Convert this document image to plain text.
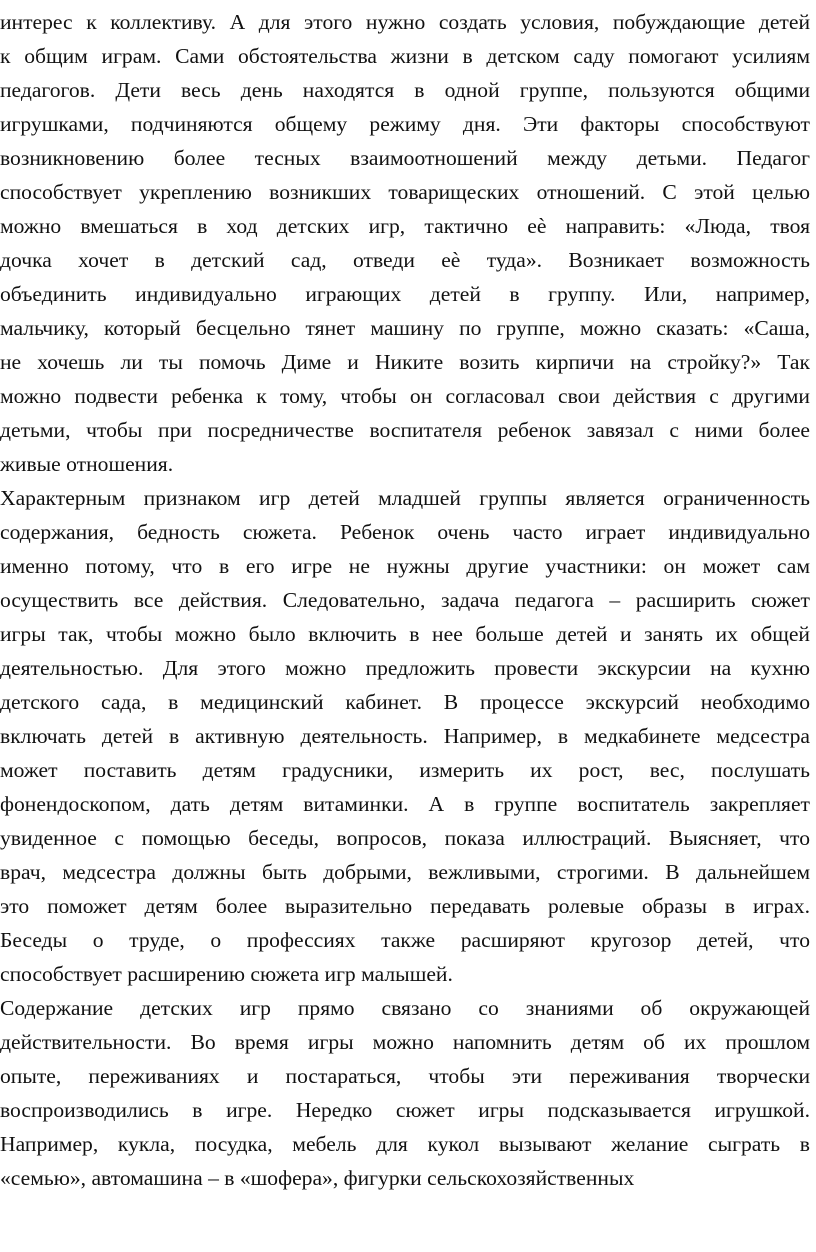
интерес к коллективу. А для этого нужно создать условия, побуждающие детей
к общим играм. Сами обстоятельства жизни в детском саду помогают усилиям
педагогов. Дети весь день находятся в одной группе, пользуются общими
игрушками, подчиняются общему режиму дня. Эти факторы способствуют
возникновению более тесных взаимоотношений между детьми. Педагог
способствует укреплению возникших товарищеских отношений. С этой целью
можно вмешаться в ход детских игр, тактично еѐ направить: «Люда, твоя
дочка хочет в детский сад, отведи еѐ туда». Возникает возможность
объединить индивидуально играющих детей в группу. Или, например,
мальчику, который бесцельно тянет машину по группе, можно сказать: «Саша,
не хочешь ли ты помочь Диме и Никите возить кирпичи на стройку?» Так
можно подвести ребенка к тому, чтобы он согласовал свои действия с другими
детьми, чтобы при посредничестве воспитателя ребенок завязал с ними более
живые отношения.
Характерным признаком игр детей младшей группы является ограниченность
содержания, бедность сюжета. Ребенок очень часто играет индивидуально
именно потому, что в его игре не нужны другие участники: он может сам
осуществить все действия. Следовательно, задача педагога – расширить сюжет
игры так, чтобы можно было включить в нее больше детей и занять их общей
деятельностью. Для этого можно предложить провести экскурсии на кухню
детского сада, в медицинский кабинет. В процессе экскурсий необходимо
включать детей в активную деятельность. Например, в медкабинете медсестра
может поставить детям градусники, измерить их рост, вес, послушать
фонендоскопом, дать детям витаминки. А в группе воспитатель закрепляет
увиденное с помощью беседы, вопросов, показа иллюстраций. Выясняет, что
врач, медсестра должны быть добрыми, вежливыми, строгими. В дальнейшем
это поможет детям более выразительно передавать ролевые образы в играх.
Беседы о труде, о профессиях также расширяют кругозор детей, что
способствует расширению сюжета игр малышей.
Содержание детских игр прямо связано со знаниями об окружающей
действительности. Во время игры можно напомнить детям об их прошлом
опыте, переживаниях и постараться, чтобы эти переживания творчески
воспроизводились в игре. Нередко сюжет игры подсказывается игрушкой.
Например, кукла, посудка, мебель для кукол вызывают желание сыграть в
«семью», автомашина – в «шофера», фигурки сельскохозяйственных
